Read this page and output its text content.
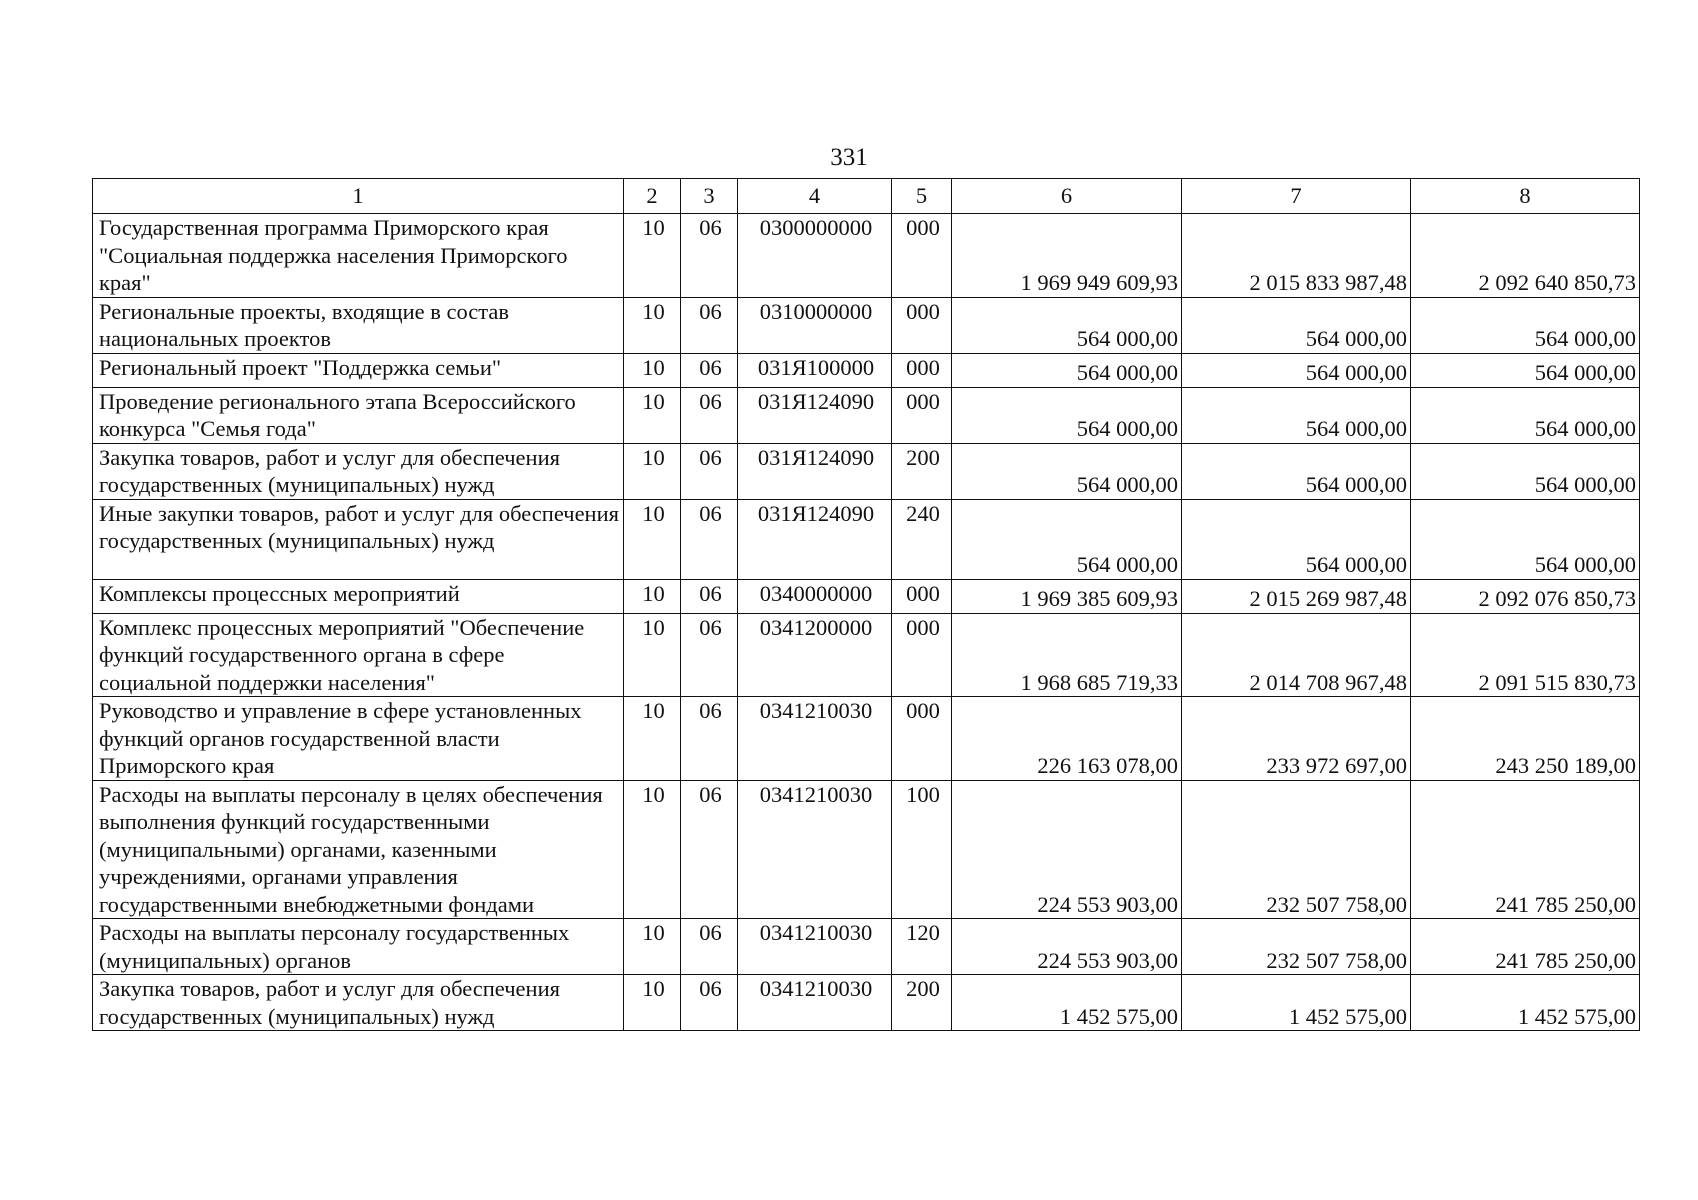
331
1	2	3	4	5	6	7	8
Государственная программа Приморского края "Социальная поддержка населения Приморского края"	10	06	0300000000	000	1 969 949 609,93	2 015 833 987,48	2 092 640 850,73
Региональные проекты, входящие в состав национальных проектов	10	06	0310000000	000	564 000,00	564 000,00	564 000,00
Региональный проект "Поддержка семьи"	10	06	031Я100000	000	564 000,00	564 000,00	564 000,00
Проведение регионального этапа Всероссийского конкурса "Семья года"	10	06	031Я124090	000	564 000,00	564 000,00	564 000,00
Закупка товаров, работ и услуг для обеспечения государственных (муниципальных) нужд	10	06	031Я124090	200	564 000,00	564 000,00	564 000,00
Иные закупки товаров, работ и услуг для обеспечения государственных (муниципальных) нужд	10	06	031Я124090	240	564 000,00	564 000,00	564 000,00
Комплексы процессных мероприятий	10	06	0340000000	000	1 969 385 609,93	2 015 269 987,48	2 092 076 850,73
Комплекс процессных мероприятий "Обеспечение функций государственного органа в сфере социальной поддержки населения"	10	06	0341200000	000	1 968 685 719,33	2 014 708 967,48	2 091 515 830,73
Руководство и управление в сфере установленных функций органов государственной власти Приморского края	10	06	0341210030	000	226 163 078,00	233 972 697,00	243 250 189,00
Расходы на выплаты персоналу в целях обеспечения выполнения функций государственными (муниципальными) органами, казенными учреждениями, органами управления государственными внебюджетными фондами	10	06	0341210030	100	224 553 903,00	232 507 758,00	241 785 250,00
Расходы на выплаты персоналу государственных (муниципальных) органов	10	06	0341210030	120	224 553 903,00	232 507 758,00	241 785 250,00
Закупка товаров, работ и услуг для обеспечения государственных (муниципальных) нужд	10	06	0341210030	200	1 452 575,00	1 452 575,00	1 452 575,00
